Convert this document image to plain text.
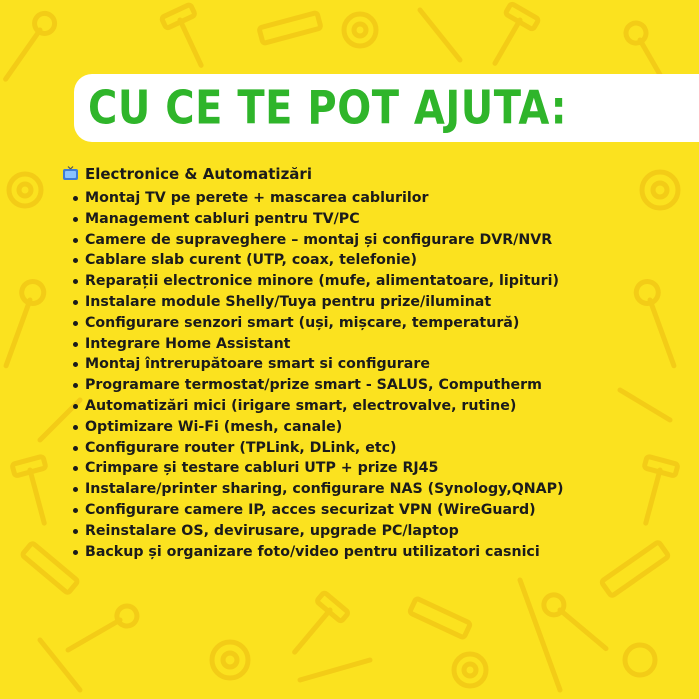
CU CE TE POT AJUTA:
Electronice & Automatizări
Montaj TV pe perete + mascarea cablurilor
Management cabluri pentru TV/PC
Camere de supraveghere – montaj și configurare DVR/NVR
Cablare slab curent (UTP, coax, telefonie)
Reparații electronice minore (mufe, alimentatoare, lipituri)
Instalare module Shelly/Tuya pentru prize/iluminat
Configurare senzori smart (uși, mișcare, temperatură)
Integrare Home Assistant
Montaj întrerupătoare smart si configurare
Programare termostat/prize smart - SALUS, Computherm
Automatizări mici (irigare smart, electrovalve, rutine)
Optimizare Wi-Fi (mesh, canale)
Configurare router (TPLink, DLink, etc)
Crimpare și testare cabluri UTP + prize RJ45
Instalare/printer sharing, configurare NAS (Synology,QNAP)
Configurare camere IP, acces securizat VPN (WireGuard)
Reinstalare OS, devirusare, upgrade PC/laptop
Backup și organizare foto/video pentru utilizatori casnici
